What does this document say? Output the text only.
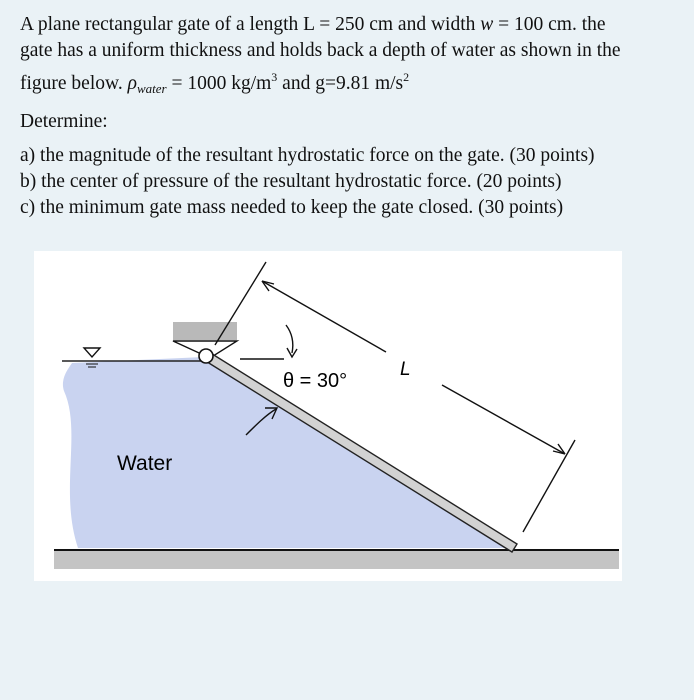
A plane rectangular gate of a length L = 250 cm and width w = 100 cm. the
gate has a uniform thickness and holds back a depth of water as shown in the
figure below. $\rho_{water} = 1000$ $kg/m^3$ and g=9.81 $m/s^2$

Determine:

a) the magnitude of the resultant hydrostatic force on the gate. (30 points)
b) the center of pressure of the resultant hydrostatic force. (20 points)
c) the minimum gate mass needed to keep the gate closed. (30 points)
L
θ = 30°
Water
